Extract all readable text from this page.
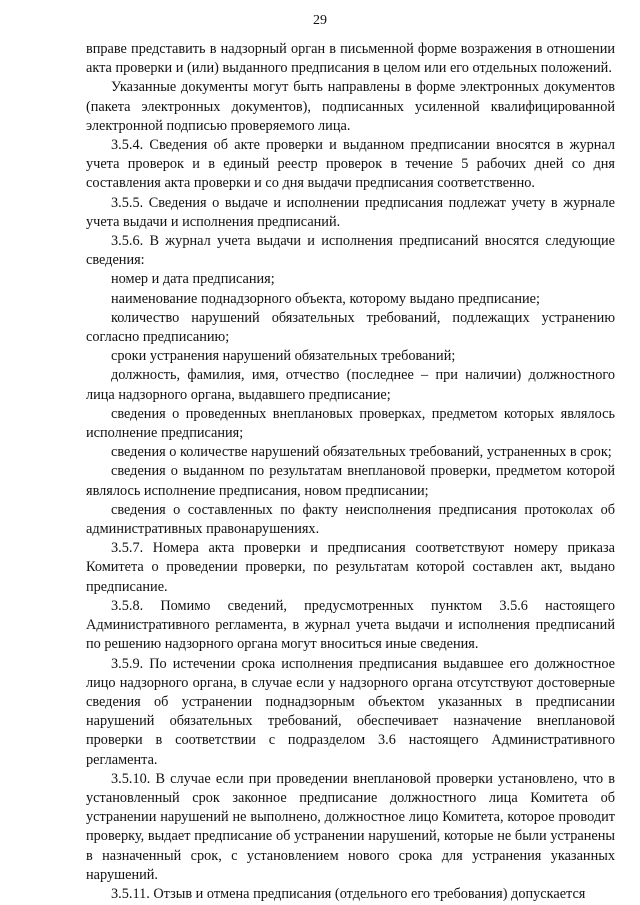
29

вправе представить в надзорный орган в письменной форме возражения в отношении акта проверки и (или) выданного предписания в целом или его отдельных положений.

Указанные документы могут быть направлены в форме электронных документов (пакета электронных документов), подписанных усиленной квалифицированной электронной подписью проверяемого лица.

3.5.4. Сведения об акте проверки и выданном предписании вносятся в журнал учета проверок и в единый реестр проверок в течение 5 рабочих дней со дня составления акта проверки и со дня выдачи предписания соответственно.

3.5.5. Сведения о выдаче и исполнении предписания подлежат учету в журнале учета выдачи и исполнения предписаний.

3.5.6. В журнал учета выдачи и исполнения предписаний вносятся следующие сведения:

номер и дата предписания;

наименование поднадзорного объекта, которому выдано предписание;

количество нарушений обязательных требований, подлежащих устранению согласно предписанию;

сроки устранения нарушений обязательных требований;

должность, фамилия, имя, отчество (последнее – при наличии) должностного лица надзорного органа, выдавшего предписание;

сведения о проведенных внеплановых проверках, предметом которых являлось исполнение предписания;

сведения о количестве нарушений обязательных требований, устраненных в срок;

сведения о выданном по результатам внеплановой проверки, предметом которой являлось исполнение предписания, новом предписании;

сведения о составленных по факту неисполнения предписания протоколах об административных правонарушениях.

3.5.7. Номера акта проверки и предписания соответствуют номеру приказа Комитета о проведении проверки, по результатам которой составлен акт, выдано предписание.

3.5.8. Помимо сведений, предусмотренных пунктом 3.5.6 настоящего Административного регламента, в журнал учета выдачи и исполнения предписаний по решению надзорного органа могут вноситься иные сведения.

3.5.9. По истечении срока исполнения предписания выдавшее его должностное лицо надзорного органа, в случае если у надзорного органа отсутствуют достоверные сведения об устранении поднадзорным объектом указанных в предписании нарушений обязательных требований, обеспечивает назначение внеплановой проверки в соответствии с подразделом 3.6 настоящего Административного регламента.

3.5.10. В случае если при проведении внеплановой проверки установлено, что в установленный срок законное предписание должностного лица Комитета об устранении нарушений не выполнено, должностное лицо Комитета, которое проводит проверку, выдает предписание об устранении нарушений, которые не были устранены в назначенный срок, с установлением нового срока для устранения указанных нарушений.

3.5.11. Отзыв и отмена предписания (отдельного его требования) допускается
